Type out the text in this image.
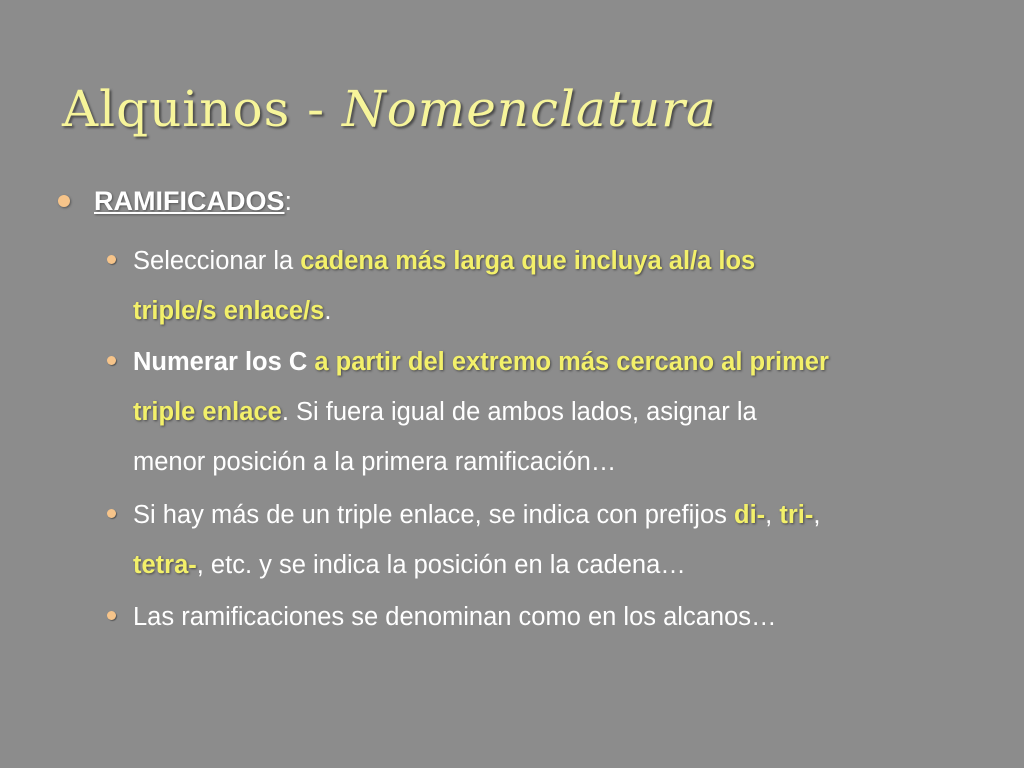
Alquinos - Nomenclatura
RAMIFICADOS:
Seleccionar la cadena más larga que incluya al/a los
triple/s enlace/s.
Numerar los C a partir del extremo más cercano al primer
triple enlace. Si fuera igual de ambos lados, asignar la
menor posición a la primera ramificación…
Si hay más de un triple enlace, se indica con prefijos di-, tri-,
tetra-, etc. y se indica la posición en la cadena…
Las ramificaciones se denominan como en los alcanos…
